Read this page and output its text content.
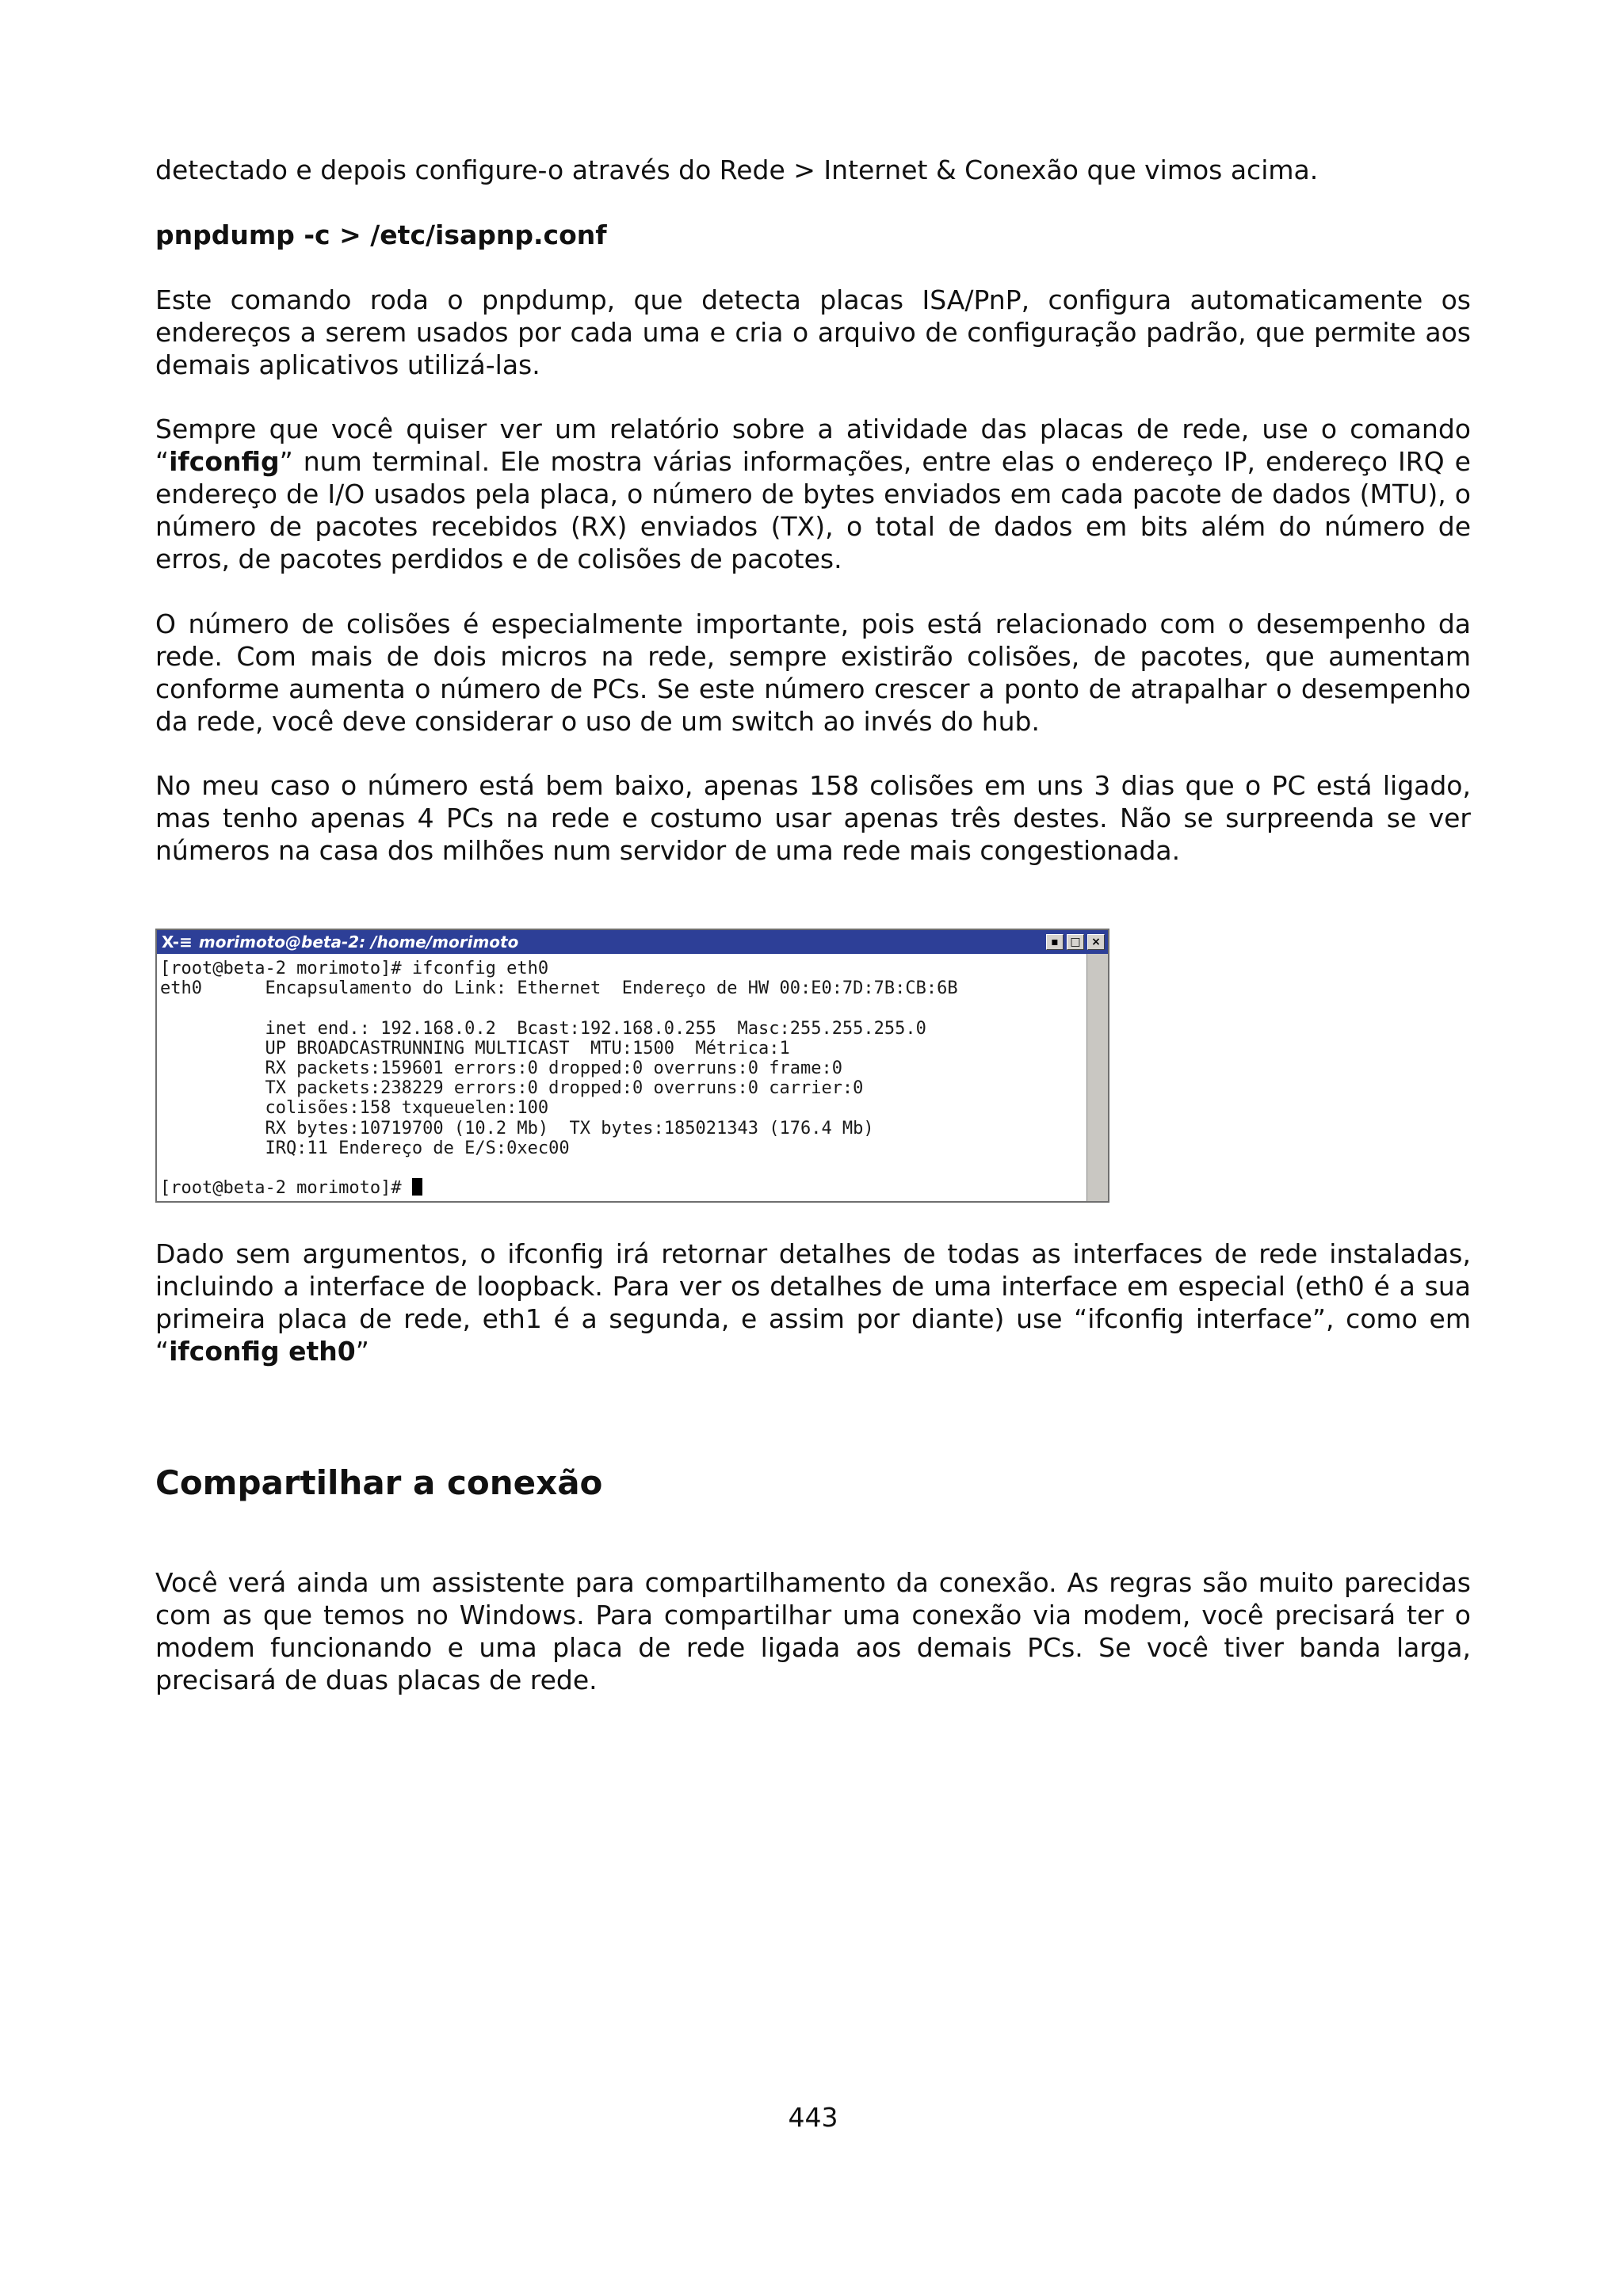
detectado e depois configure-o através do Rede > Internet & Conexão que vimos acima.

pnpdump -c > /etc/isapnp.conf

Este comando roda o pnpdump, que detecta placas ISA/PnP, configura automaticamente os endereços a serem usados por cada uma e cria o arquivo de configuração padrão, que permite aos demais aplicativos utilizá-las.

Sempre que você quiser ver um relatório sobre a atividade das placas de rede, use o comando “ifconfig” num terminal. Ele mostra várias informações, entre elas o endereço IP, endereço IRQ e endereço de I/O usados pela placa, o número de bytes enviados em cada pacote de dados (MTU), o número de pacotes recebidos (RX) enviados (TX), o total de dados em bits além do número de erros, de pacotes perdidos e de colisões de pacotes.

O número de colisões é especialmente importante, pois está relacionado com o desempenho da rede. Com mais de dois micros na rede, sempre existirão colisões, de pacotes, que aumentam conforme aumenta o número de PCs. Se este número crescer a ponto de atrapalhar o desempenho da rede, você deve considerar o uso de um switch ao invés do hub.

No meu caso o número está bem baixo, apenas 158 colisões em uns 3 dias que o PC está ligado, mas tenho apenas 4 PCs na rede e costumo usar apenas três destes. Não se surpreenda se ver números na casa dos milhões num servidor de uma rede mais congestionada.

X-≡ morimoto@beta-2: /home/morimoto	▪	□ ×
[root@beta-2 morimoto]# ifconfig eth0
eth0      Encapsulamento do Link: Ethernet  Endereço de HW 00:E0:7D:7B:CB:6B

inet end.: 192.168.0.2  Bcast:192.168.0.255  Masc:255.255.255.0
UP BROADCASTRUNNING MULTICAST  MTU:1500  Métrica:1
RX packets:159601 errors:0 dropped:0 overruns:0 frame:0
TX packets:238229 errors:0 dropped:0 overruns:0 carrier:0
colisões:158 txqueuelen:100
RX bytes:10719700 (10.2 Mb)  TX bytes:185021343 (176.4 Mb)
IRQ:11 Endereço de E/S:0xec00

[root@beta-2 morimoto]#

Dado sem argumentos, o ifconfig irá retornar detalhes de todas as interfaces de rede instaladas, incluindo a interface de loopback. Para ver os detalhes de uma interface em especial (eth0 é a sua primeira placa de rede, eth1 é a segunda, e assim por diante) use “ifconfig interface”, como em “ifconfig eth0”

Compartilhar a conexão

Você verá ainda um assistente para compartilhamento da conexão. As regras são muito parecidas com as que temos no Windows. Para compartilhar uma conexão via modem, você precisará ter o modem funcionando e uma placa de rede ligada aos demais PCs. Se você tiver banda larga, precisará de duas placas de rede.

443
